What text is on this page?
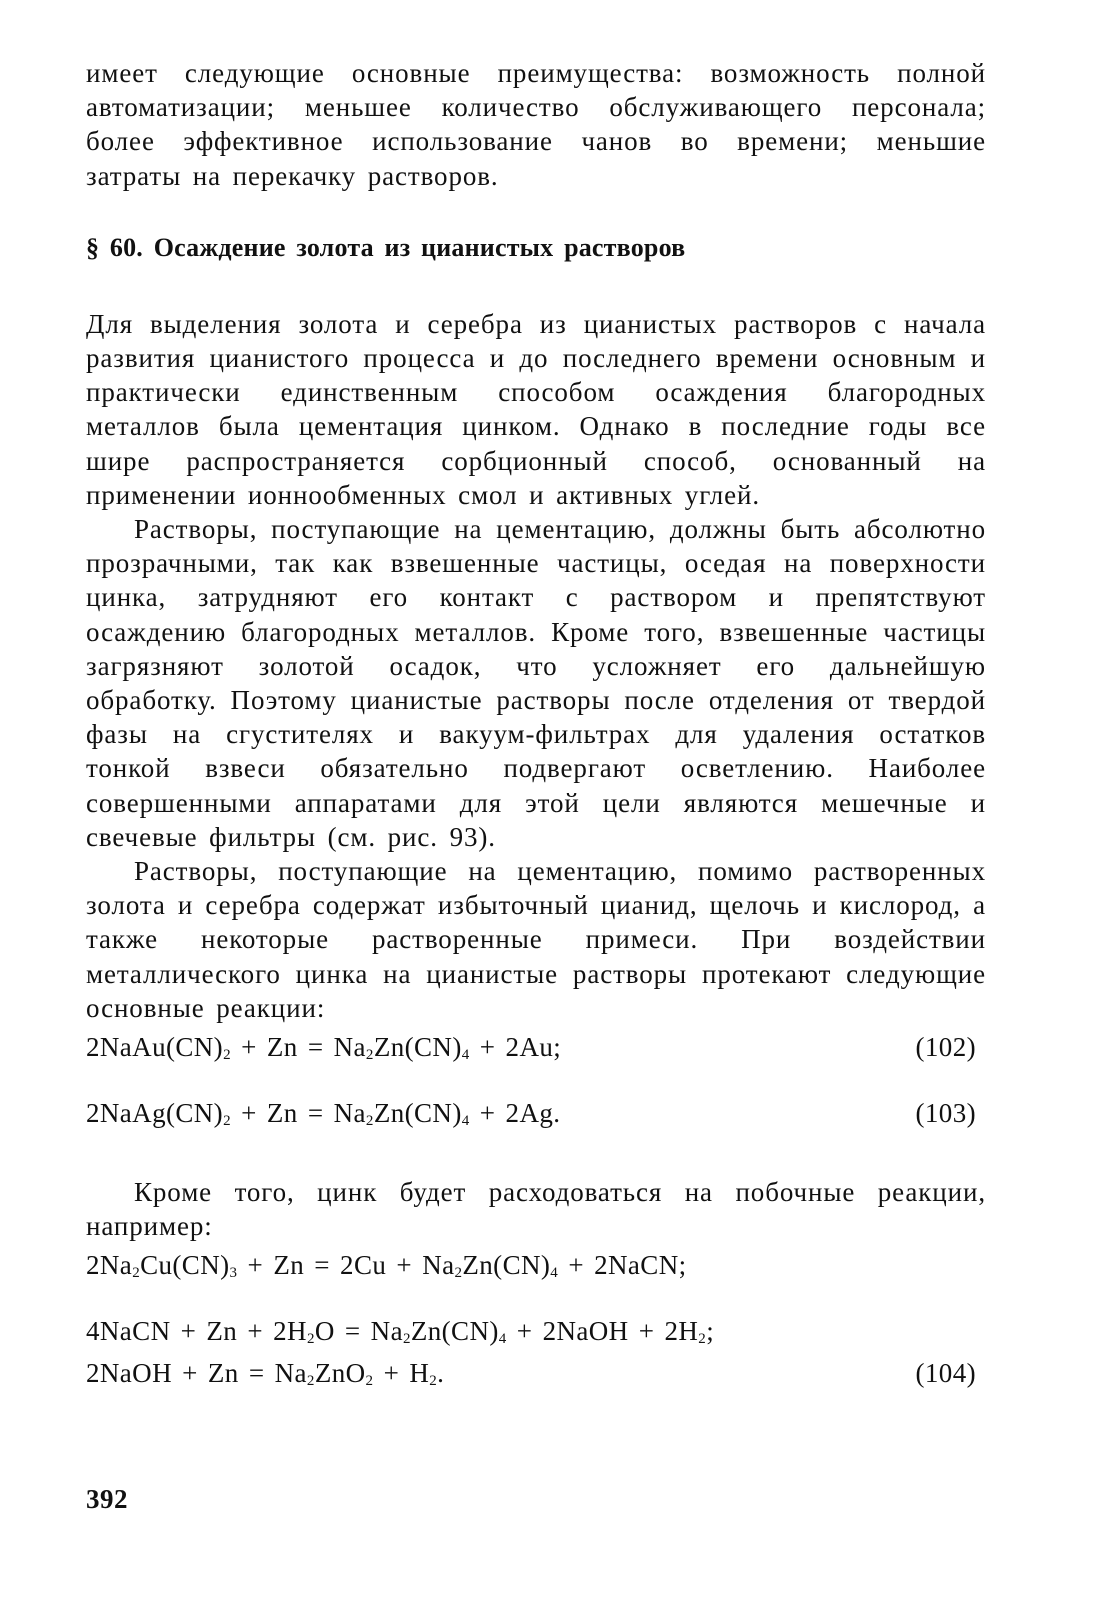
имеет следующие основные преимущества: возможность полной автоматизации; меньшее количество обслуживающего персонала; более эффективное использование чанов во времени; меньшие затраты на перекачку растворов.

§ 60. Осаждение золота из цианистых растворов

Для выделения золота и серебра из цианистых растворов с начала развития цианистого процесса и до последнего времени основным и практически единственным способом осаждения благородных металлов была цементация цинком. Однако в последние годы все шире распространяется сорбционный способ, основанный на применении ионнообменных смол и активных углей.

Растворы, поступающие на цементацию, должны быть абсолютно прозрачными, так как взвешенные частицы, оседая на поверхности цинка, затрудняют его контакт с раствором и препятствуют осаждению благородных металлов. Кроме того, взвешенные частицы загрязняют золотой осадок, что усложняет его дальнейшую обработку. Поэтому цианистые растворы после отделения от твердой фазы на сгустителях и вакуум-фильтрах для удаления остатков тонкой взвеси обязательно подвергают осветлению. Наиболее совершенными аппаратами для этой цели являются мешечные и свечевые фильтры (см. рис. 93).

Растворы, поступающие на цементацию, помимо растворенных золота и серебра содержат избыточный цианид, щелочь и кислород, а также некоторые растворенные примеси. При воздействии металлического цинка на цианистые растворы протекают следующие основные реакции:

$2NaAu(CN)_2 + Zn = Na_2Zn(CN)_4 + 2Au$;	(102)
$2NaAg(CN)_2 + Zn = Na_2Zn(CN)_4 + 2Ag$.	(103)

Кроме того, цинк будет расходоваться на побочные реакции, например:

$2Na_2Cu(CN)_3 + Zn = 2Cu + Na_2Zn(CN)_4$ + 2NaCN;
4NaCN + $Zn + 2H_2O = Na_2Zn(CN)_4$ + 2NaOH + $2H_2$;
2NaOH + $Zn = Na_2ZnO_2 + H_2$.	(104)
392
